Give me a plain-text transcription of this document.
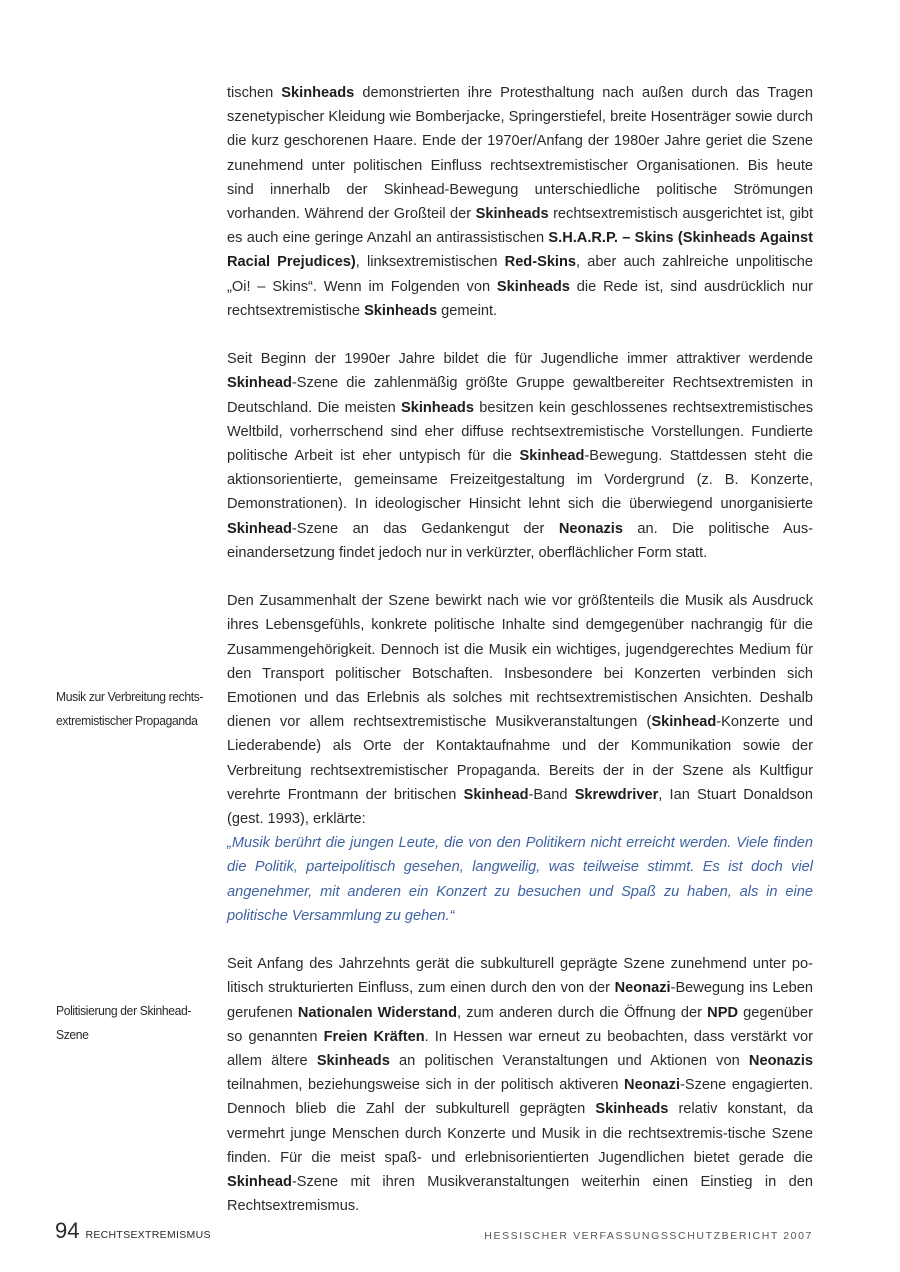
tischen Skinheads demonstrierten ihre Protesthaltung nach außen durch das Tragen szenetypischer Kleidung wie Bomberjacke, Springerstiefel, breite Hosenträger sowie durch die kurz geschorenen Haare. Ende der 1970er/Anfang der 1980er Jahre geriet die Szene zunehmend unter politischen Einfluss rechtsextremistischer Organisationen. Bis heute sind innerhalb der Skinhead-Bewegung unterschiedliche politische Strömungen vorhanden. Während der Großteil der Skinheads rechtsextremistisch ausgerichtet ist, gibt es auch eine geringe Anzahl an antirassistischen S.H.A.R.P. – Skins (Skinheads Against Racial Prejudices), linksextremistischen Red-Skins, aber auch zahlreiche unpolitische „Oi! – Skins“. Wenn im Folgenden von Skinheads die Rede ist, sind ausdrücklich nur rechtsextremistische Skinheads gemeint.

Seit Beginn der 1990er Jahre bildet die für Jugendliche immer attraktiver werdende Skinhead-Szene die zahlenmäßig größte Gruppe gewaltbereiter Rechtsextremisten in Deutschland. Die meisten Skinheads besitzen kein geschlossenes rechtsextremistisches Weltbild, vorherrschend sind eher diffuse rechtsextremistische Vorstellungen. Fundierte politische Arbeit ist eher untypisch für die Skinhead-Bewegung. Stattdessen steht die aktionsorientierte, gemeinsame Freizeitgestaltung im Vordergrund (z. B. Konzerte, Demonstrationen). In ideologischer Hinsicht lehnt sich die überwiegend unorganisierte Skinhead-Szene an das Gedankengut der Neonazis an. Die politische Auseinandersetzung findet jedoch nur in verkürzter, oberflächlicher Form statt.

Den Zusammenhalt der Szene bewirkt nach wie vor größtenteils die Musik als Ausdruck ihres Lebensgefühls, konkrete politische Inhalte sind demgegenüber nachrangig für die Zusammengehörigkeit. Dennoch ist die Musik ein wichtiges, jugendgerechtes Medium für den Transport politischer Botschaften. Insbesondere bei Konzerten verbinden sich Emotionen und das Erlebnis als solches mit rechtsextremistischen Ansichten. Deshalb dienen vor allem rechtsextremistische Musikveranstaltungen (Skinhead-Konzerte und Liederabende) als Orte der Kontaktaufnahme und der Kommunikation sowie der Verbreitung rechtsextremistischer Propaganda. Bereits der in der Szene als Kultfigur verehrte Frontmann der britischen Skinhead-Band Skrewdriver, Ian Stuart Donaldson (gest. 1993), erklärte:

„Musik berührt die jungen Leute, die von den Politikern nicht erreicht werden. Viele finden die Politik, parteipolitisch gesehen, langweilig, was teilweise stimmt. Es ist doch viel angenehmer, mit anderen ein Konzert zu besuchen und Spaß zu haben, als in eine politische Versammlung zu gehen.“

Seit Anfang des Jahrzehnts gerät die subkulturell geprägte Szene zunehmend unter politisch strukturierten Einfluss, zum einen durch den von der Neonazi-Bewegung ins Leben gerufenen Nationalen Widerstand, zum anderen durch die Öffnung der NPD gegenüber so genannten Freien Kräften. In Hessen war erneut zu beobachten, dass verstärkt vor allem ältere Skinheads an politischen Veranstaltungen und Aktionen von Neonazis teilnahmen, beziehungsweise sich in der politisch aktiveren Neonazi-Szene engagierten. Dennoch blieb die Zahl der subkulturell geprägten Skinheads relativ konstant, da vermehrt junge Menschen durch Konzerte und Musik in die rechtsextremis-tische Szene finden. Für die meist spaß- und erlebnisorientierten Jugendlichen bietet gerade die Skinhead-Szene mit ihren Musikveranstaltungen weiterhin einen Einstieg in den Rechtsextremismus.

Musik zur Verbreitung rechtsextremistischer Propaganda
Politisierung der Skinhead-Szene
94 RECHTSEXTREMISMUS	HESSISCHER VERFASSUNGSSCHUTZBERICHT 2007
